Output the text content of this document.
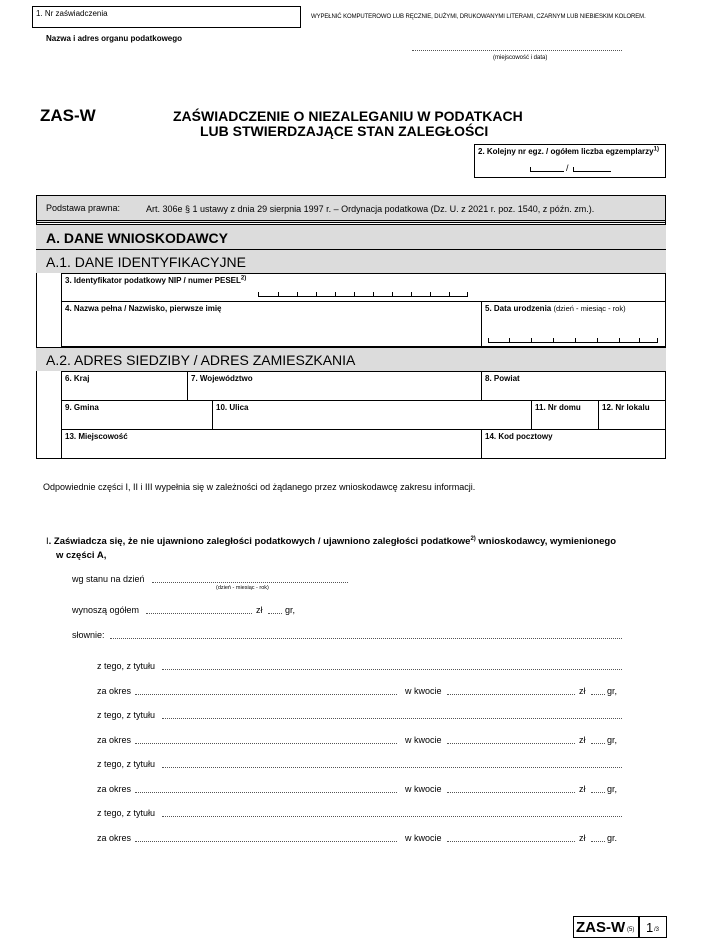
1. Nr zaświadczenia	WYPEŁNIĆ KOMPUTEROWO LUB RĘCZNIE, DUŻYMI, DRUKOWANYMI LITERAMI, CZARNYM LUB NIEBIESKIM KOLOREM.
Nazwa i adres organu podatkowego
(miejscowość i data)
ZAS-W	ZAŚWIADCZENIE O NIEZALEGANIU W PODATKACH
LUB STWIERDZAJĄCE STAN ZALEGŁOŚCI
2. Kolejny nr egz. / ogółem liczba egzemplarzy$^{1)}$
/
Podstawa prawna:	Art. 306e § 1 ustawy z dnia 29 sierpnia 1997 r. – Ordynacja podatkowa (Dz. U. z 2021 r. poz. 1540, z późn. zm.).
A. DANE WNIOSKODAWCY
A.1. DANE IDENTYFIKACYJNE
3. Identyfikator podatkowy NIP / numer PESEL$^{2)}$
4. Nazwa pełna / Nazwisko, pierwsze imię	5. Data urodzenia (dzień - miesiąc - rok)
A.2. ADRES SIEDZIBY / ADRES ZAMIESZKANIA
6. Kraj	7. Województwo	8. Powiat
9. Gmina	10. Ulica	11. Nr domu	12. Nr lokalu
13. Miejscowość	14. Kod pocztowy
Odpowiednie części I, II i III wypełnia się w zależności od żądanego przez wnioskodawcę zakresu informacji.
I. Zaświadcza się, że nie ujawniono zaległości podatkowych / ujawniono zaległości podatkowe$^{2)}$ wnioskodawcy, wymienionego
w części A,
wg stanu na dzień
(dzień - miesiąc - rok)
wynoszą ogółem	zł	gr,
słownie:
z tego, z tytułu
za okres	w kwocie	zł gr,
z tego, z tytułu
za okres	w kwocie	zł gr,
z tego, z tytułu
za okres	w kwocie	zł gr,
z tego, z tytułu
za okres	w kwocie	zł gr.
ZAS-W (5) 1 /3
